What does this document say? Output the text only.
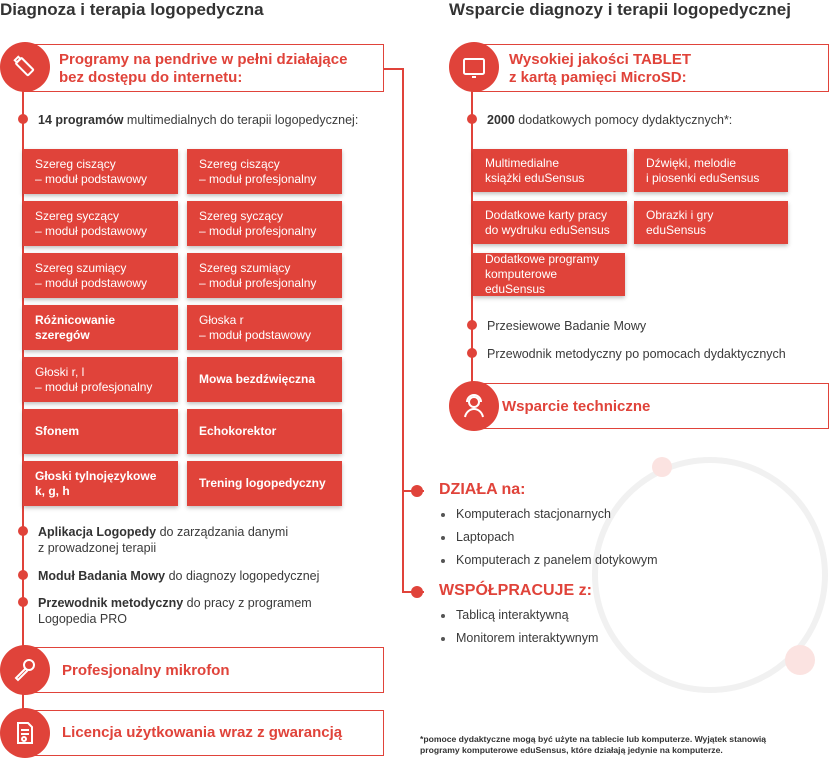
Diagnoza i terapia logopedyczna
Programy na pendrive w pełni działające
bez dostępu do internetu:
14 programów multimedialnych do terapii logopedycznej:
Szereg ciszący
– moduł podstawowy
Szereg ciszący
– moduł profesjonalny
Szereg syczący
– moduł podstawowy
Szereg syczący
– moduł profesjonalny
Szereg szumiący
– moduł podstawowy
Szereg szumiący
– moduł profesjonalny
Różnicowanie
szeregów
Głoska r
– moduł podstawowy
Głoski r, l
– moduł profesjonalny
Mowa bezdźwięczna
Sfonem	Echokorektor
Głoski tylnojęzykowe
k, g, h
Trening logopedyczny
Aplikacja Logopedy do zarządzania danymi
z prowadzonej terapii
Moduł Badania Mowy do diagnozy logopedycznej
Przewodnik metodyczny do pracy z programem
Logopedia PRO
Profesjonalny mikrofon
Licencja użytkowania wraz z gwarancją
Wsparcie diagnozy i terapii logopedycznej
Wysokiej jakości TABLET
z kartą pamięci MicroSD:
2000 dodatkowych pomocy dydaktycznych*:
Multimedialne
książki eduSensus
Dźwięki, melodie
i piosenki eduSensus
Dodatkowe karty pracy
do wydruku eduSensus
Obrazki i gry eduSensus
Dodatkowe programy
komputerowe eduSensus
Przesiewowe Badanie Mowy
Przewodnik metodyczny po pomocach dydaktycznych
Wsparcie techniczne
DZIAŁA na:
Komputerach stacjonarnych
Laptopach
Komputerach z panelem dotykowym
WSPÓŁPRACUJE z:
Tablicą interaktywną
Monitorem interaktywnym
*pomoce dydaktyczne mogą być użyte na tablecie lub komputerze. Wyjątek stanowią
programy komputerowe eduSensus, które działają jedynie na komputerze.
